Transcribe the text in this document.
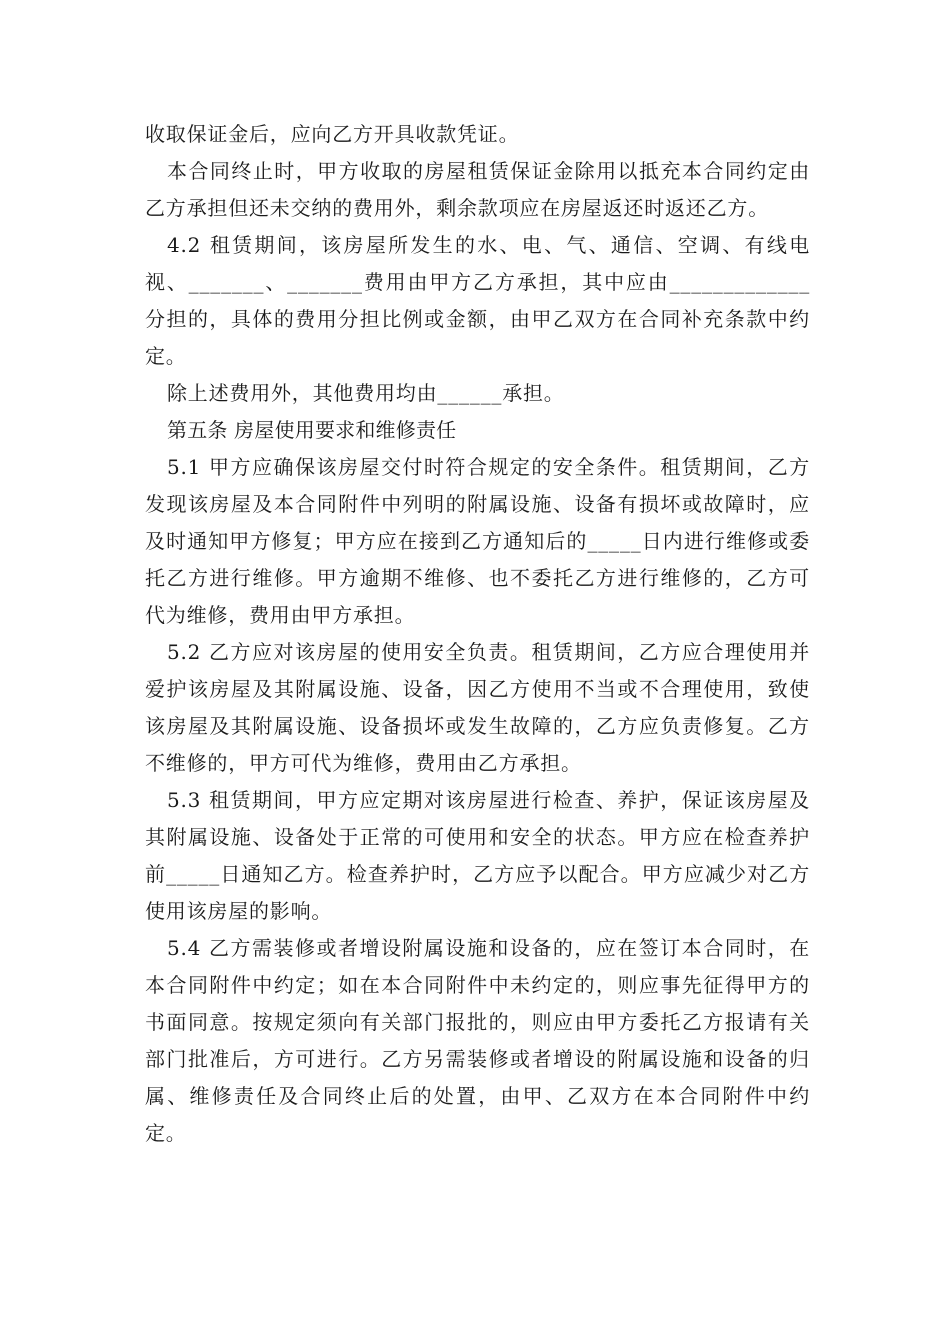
收取保证金后，应向乙方开具收款凭证。

本合同终止时，甲方收取的房屋租赁保证金除用以抵充本合同约定由乙方承担但还未交纳的费用外，剩余款项应在房屋返还时返还乙方。

4.2 租赁期间，该房屋所发生的水、电、气、通信、空调、有线电视、_______、_______费用由甲方乙方承担，其中应由_____________分担的，具体的费用分担比例或金额，由甲乙双方在合同补充条款中约定。

除上述费用外，其他费用均由______承担。

第五条 房屋使用要求和维修责任

5.1 甲方应确保该房屋交付时符合规定的安全条件。租赁期间，乙方发现该房屋及本合同附件中列明的附属设施、设备有损坏或故障时，应及时通知甲方修复；甲方应在接到乙方通知后的_____日内进行维修或委托乙方进行维修。甲方逾期不维修、也不委托乙方进行维修的，乙方可代为维修，费用由甲方承担。

5.2 乙方应对该房屋的使用安全负责。租赁期间，乙方应合理使用并爱护该房屋及其附属设施、设备，因乙方使用不当或不合理使用，致使该房屋及其附属设施、设备损坏或发生故障的，乙方应负责修复。乙方不维修的，甲方可代为维修，费用由乙方承担。

5.3 租赁期间，甲方应定期对该房屋进行检查、养护，保证该房屋及其附属设施、设备处于正常的可使用和安全的状态。甲方应在检查养护前_____日通知乙方。检查养护时，乙方应予以配合。甲方应减少对乙方使用该房屋的影响。

5.4 乙方需装修或者增设附属设施和设备的，应在签订本合同时，在本合同附件中约定；如在本合同附件中未约定的，则应事先征得甲方的书面同意。按规定须向有关部门报批的，则应由甲方委托乙方报请有关部门批准后，方可进行。乙方另需装修或者增设的附属设施和设备的归属、维修责任及合同终止后的处置，由甲、乙双方在本合同附件中约定。
